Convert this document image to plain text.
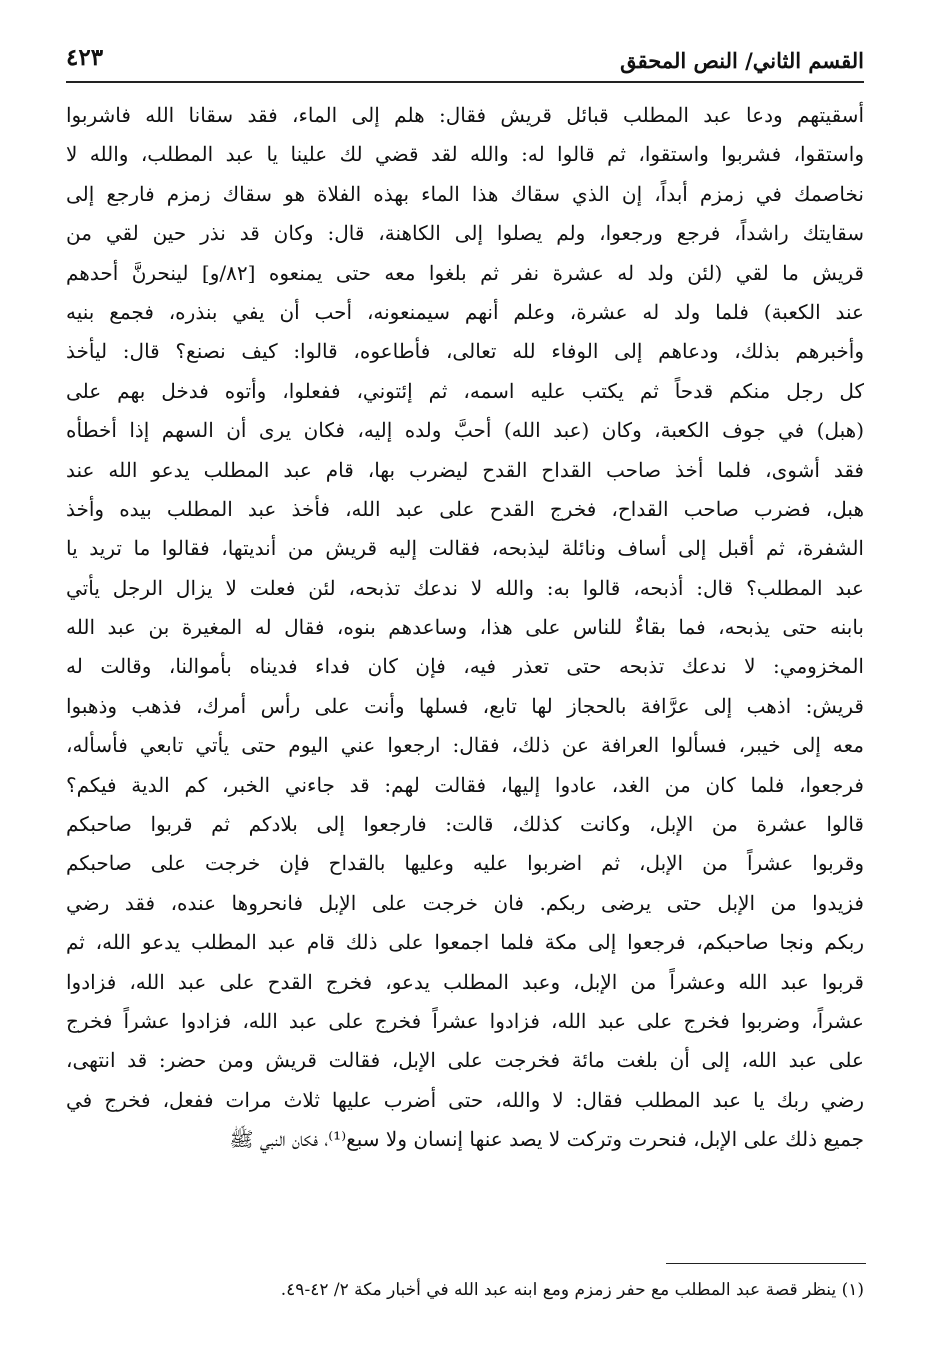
القسم الثاني/ النص المحقق
٤٢٣
أسقيتهم ودعا عبد المطلب قبائل قريش فقال: هلم إلى الماء، فقد سقانا الله فاشربوا
واستقوا، فشربوا واستقوا، ثم قالوا له: والله لقد قضي لك علينا يا عبد المطلب، والله لا
نخاصمك في زمزم أبداً، إن الذي سقاك هذا الماء بهذه الفلاة هو سقاك زمزم فارجع إلى
سقايتك راشداً، فرجع ورجعوا، ولم يصلوا إلى الكاهنة، قال: وكان قد نذر حين لقي من
قريش ما لقي (لئن ولد له عشرة نفر ثم بلغوا معه حتى يمنعوه [٨٢/و] لينحرنَّ أحدهم
عند الكعبة) فلما ولد له عشرة، وعلم أنهم سيمنعونه، أحب أن يفي بنذره، فجمع بنيه
وأخبرهم بذلك، ودعاهم إلى الوفاء لله تعالى، فأطاعوه، قالوا: كيف نصنع؟ قال: ليأخذ
كل رجل منكم قدحاً ثم يكتب عليه اسمه، ثم إئتوني، ففعلوا، وأتوه فدخل بهم على
(هبل) في جوف الكعبة، وكان (عبد الله) أحبَّ ولده إليه، فكان يرى أن السهم إذا أخطأه
فقد أشوى، فلما أخذ صاحب القداح القدح ليضرب بها، قام عبد المطلب يدعو الله عند
هبل، فضرب صاحب القداح، فخرج القدح على عبد الله، فأخذ عبد المطلب بيده وأخذ
الشفرة، ثم أقبل إلى أساف ونائلة ليذبحه، فقالت إليه قريش من أنديتها، فقالوا ما تريد يا
عبد المطلب؟ قال: أذبحه، قالوا به: والله لا ندعك تذبحه، لئن فعلت لا يزال الرجل يأتي
بابنه حتى يذبحه، فما بقاءٌ للناس على هذا، وساعدهم بنوه، فقال له المغيرة بن عبد الله
المخزومي: لا ندعك تذبحه حتى تعذر فيه، فإن كان فداء فديناه بأموالنا، وقالت له
قريش: اذهب إلى عرَّافة بالحجاز لها تابع، فسلها وأنت على رأس أمرك، فذهب وذهبوا
معه إلى خيبر، فسألوا العرافة عن ذلك، فقال: ارجعوا عني اليوم حتى يأتي تابعي فأسأله،
فرجعوا، فلما كان من الغد، عادوا إليها، فقالت لهم: قد جاءني الخبر، كم الدية فيكم؟
قالوا عشرة من الإبل، وكانت كذلك، قالت: فارجعوا إلى بلادكم ثم قربوا صاحبكم
وقربوا عشراً من الإبل، ثم اضربوا عليه وعليها بالقداح فإن خرجت على صاحبكم
فزيدوا من الإبل حتى يرضى ربكم. فان خرجت على الإبل فانحروها عنده، فقد رضي
ربكم ونجا صاحبكم، فرجعوا إلى مكة فلما اجمعوا على ذلك قام عبد المطلب يدعو الله، ثم
قربوا عبد الله وعشراً من الإبل، وعبد المطلب يدعو، فخرج القدح على عبد الله، فزادوا
عشراً، وضربوا فخرج على عبد الله، فزادوا عشراً فخرج على عبد الله، فزادوا عشراً فخرج
على عبد الله، إلى أن بلغت مائة فخرجت على الإبل، فقالت قريش ومن حضر: قد انتهى،
رضي ربك يا عبد المطلب فقال: لا والله، حتى أضرب عليها ثلاث مرات ففعل، فخرج في
جميع ذلك على الإبل، فنحرت وتركت لا يصد عنها إنسان ولا سبع⁽¹⁾، فكان النبي ﷺ
(١) ينظر قصة عبد المطلب مع حفر زمزم ومع ابنه عبد الله في أخبار مكة ٢/ ٤٢-٤٩.
